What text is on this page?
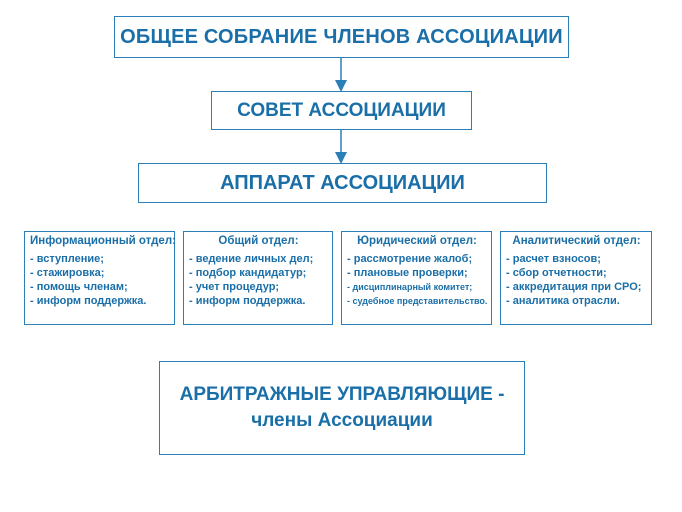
ОБЩЕЕ СОБРАНИЕ ЧЛЕНОВ АССОЦИАЦИИ
СОВЕТ АССОЦИАЦИИ
АППАРАТ АССОЦИАЦИИ
Информационный отдел:
- вступление;
- стажировка;
- помощь членам;
- информ поддержка.
Общий отдел:
- ведение личных дел;
- подбор кандидатур;
- учет процедур;
- информ поддержка.
Юридический отдел:
- рассмотрение жалоб;
- плановые проверки;
- дисциплинарный комитет;
- судебное представительство.
Аналитический отдел:
- расчет взносов;
- сбор отчетности;
- аккредитация при СРО;
- аналитика отрасли.
АРБИТРАЖНЫЕ УПРАВЛЯЮЩИЕ -
члены Ассоциации
